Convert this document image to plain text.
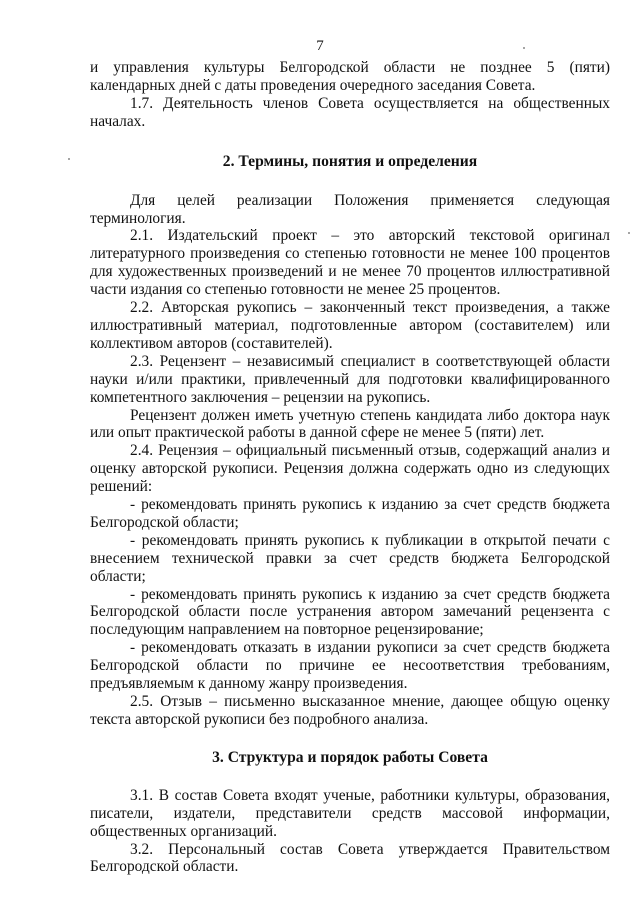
7

и управления культуры Белгородской области не позднее 5 (пяти) календарных дней с даты проведения очередного заседания Совета.

1.7. Деятельность членов Совета осуществляется на общественных началах.

2. Термины, понятия и определения

Для целей реализации Положения применяется следующая терминология.

2.1. Издательский проект – это авторский текстовой оригинал литературного произведения со степенью готовности не менее 100 процентов для художественных произведений и не менее 70 процентов иллюстративной части издания со степенью готовности не менее 25 процентов.

2.2. Авторская рукопись – законченный текст произведения, а также иллюстративный материал, подготовленные автором (составителем) или коллективом авторов (составителей).

2.3. Рецензент – независимый специалист в соответствующей области науки и/или практики, привлеченный для подготовки квалифицированного компетентного заключения – рецензии на рукопись.

Рецензент должен иметь учетную степень кандидата либо доктора наук или опыт практической работы в данной сфере не менее 5 (пяти) лет.

2.4. Рецензия – официальный письменный отзыв, содержащий анализ и оценку авторской рукописи. Рецензия должна содержать одно из следующих решений:

- рекомендовать принять рукопись к изданию за счет средств бюджета Белгородской области;

- рекомендовать принять рукопись к публикации в открытой печати с внесением технической правки за счет средств бюджета Белгородской области;

- рекомендовать принять рукопись к изданию за счет средств бюджета Белгородской области после устранения автором замечаний рецензента с последующим направлением на повторное рецензирование;

- рекомендовать отказать в издании рукописи за счет средств бюджета Белгородской области по причине ее несоответствия требованиям, предъявляемым к данному жанру произведения.

2.5. Отзыв – письменно высказанное мнение, дающее общую оценку текста авторской рукописи без подробного анализа.

3. Структура и порядок работы Совета

3.1. В состав Совета входят ученые, работники культуры, образования, писатели, издатели, представители средств массовой информации, общественных организаций.

3.2. Персональный состав Совета утверждается Правительством Белгородской области.
